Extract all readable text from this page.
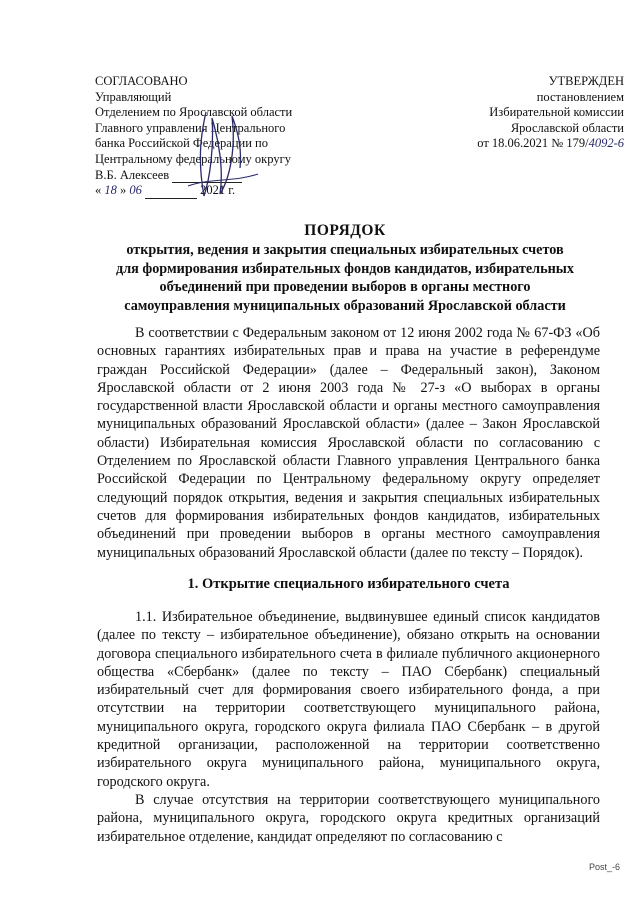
СОГЛАСОВАНО
Управляющий
Отделением по Ярославской области
Главного управления Центрального
банка Российской Федерации по
Центральному федеральному округу
В.Б. Алексеев
« 18 » 06	2021 г.
УТВЕРЖДЕН
постановлением
Избирательной комиссии
Ярославской области
от 18.06.2021 № 179/4092-6
ПОРЯДОК
открытия, ведения и закрытия специальных избирательных счетов
для формирования избирательных фондов кандидатов, избирательных
объединений при проведении выборов в органы местного
самоуправления муниципальных образований Ярославской области

В соответствии с Федеральным законом от 12 июня 2002 года № 67-ФЗ «Об основных гарантиях избирательных прав и права на участие в референдуме граждан Российской Федерации» (далее – Федеральный закон), Законом Ярославской области от 2 июня 2003 года № 27-з «О выборах в органы государственной власти Ярославской области и органы местного самоуправления муниципальных образований Ярославской области» (далее – Закон Ярославской области) Избирательная комиссия Ярославской области по согласованию с Отделением по Ярославской области Главного управления Центрального банка Российской Федерации по Центральному федеральному округу определяет следующий порядок открытия, ведения и закрытия специальных избирательных счетов для формирования избирательных фондов кандидатов, избирательных объединений при проведении выборов в органы местного самоуправления муниципальных образований Ярославской области (далее по тексту – Порядок).

1. Открытие специального избирательного счета

1.1. Избирательное объединение, выдвинувшее единый список кандидатов (далее по тексту – избирательное объединение), обязано открыть на основании договора специального избирательного счета в филиале публичного акционерного общества «Сбербанк» (далее по тексту – ПАО Сбербанк) специальный избирательный счет для формирования своего избирательного фонда, а при отсутствии на территории соответствующего муниципального района, муниципального округа, городского округа филиала ПАО Сбербанк – в другой кредитной организации, расположенной на территории соответственно избирательного округа муниципального района, муниципального округа, городского округа.

В случае отсутствия на территории соответствующего муниципального района, муниципального округа, городского округа кредитных организаций избирательное отделение, кандидат определяют по согласованию с

Post_-6
